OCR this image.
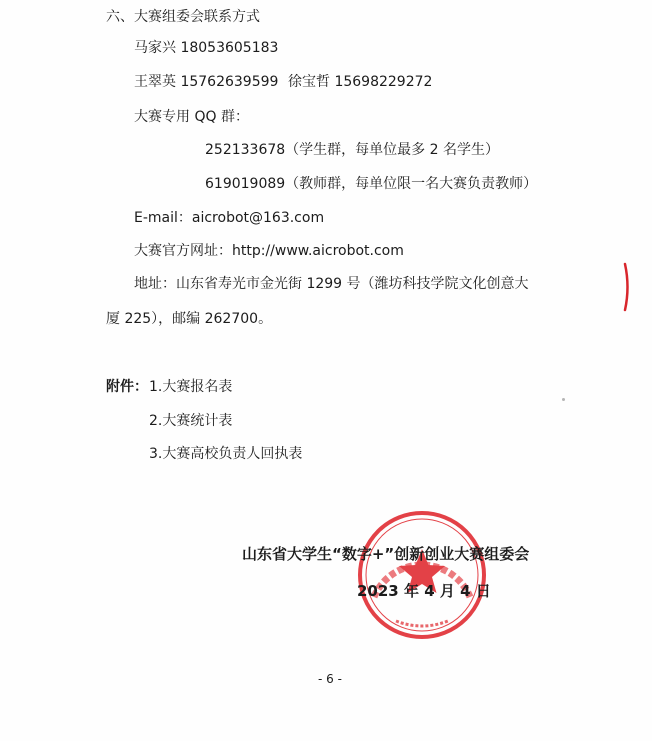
六、大赛组委会联系方式
马家兴 18053605183
王翠英 15762639599 徐宝哲 15698229272
大赛专用 QQ 群：
252133678（学生群，每单位最多 2 名学生）
619019089（教师群，每单位限一名大赛负责教师）
E-mail：aicrobot@163.com
大赛官方网址：http://www.aicrobot.com
地址：山东省寿光市金光街 1299 号（潍坊科技学院文化创意大
厦 225），邮编 262700。
附件： 1.大赛报名表
2.大赛统计表
3.大赛高校负责人回执表
山东省大学生“数字+”创新创业大赛组委会
2023 年 4 月 4 日
- 6 -
